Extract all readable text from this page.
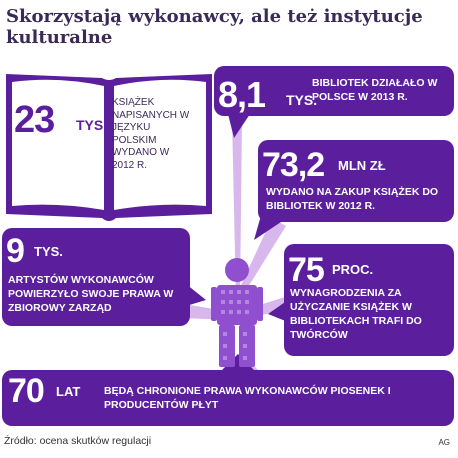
Skorzystają wykonawcy, ale też instytucje kulturalne
23 TYS.
KSIĄŻEK NAPISANYCH W JĘZYKU POLSKIM WYDANO W 2012 R.
8,1 TYS.
BIBLIOTEK DZIAŁAŁO W POLSCE W 2013 R.
73,2 MLN ZŁ
WYDANO NA ZAKUP KSIĄŻEK DO BIBLIOTEK W 2012 R.
9 TYS.
ARTYSTÓW WYKONAWCÓW POWIERZYŁO SWOJE PRAWA W ZBIOROWY ZARZĄD
75 PROC.
WYNAGRODZENIA ZA UŻYCZANIE KSIĄŻEK W BIBLIOTEKACH TRAFI DO TWÓRCÓW
70 LAT BĘDĄ CHRONIONE PRAWA WYKONAWCÓW PIOSENEK I PRODUCENTÓW PŁYT
Źródło: ocena skutków regulacji	AG
